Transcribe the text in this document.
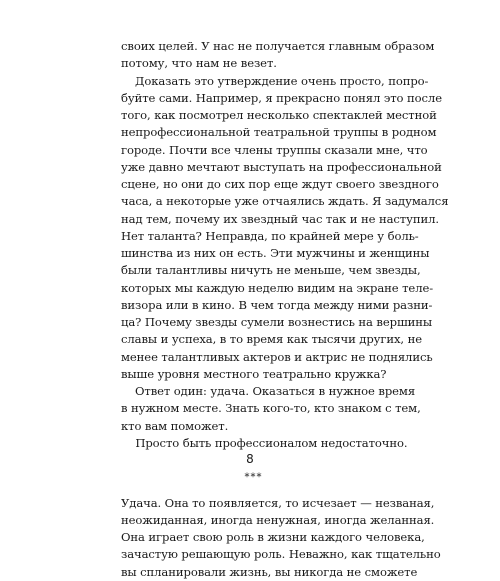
своих целей. У нас не получается главным образом
потому, что нам не везет.
Доказать это утверждение очень просто, попро-
буйте сами. Например, я прекрасно понял это после
того, как посмотрел несколько спектаклей местной
непрофессиональной театральной труппы в родном
городе. Почти все члены труппы сказали мне, что
уже давно мечтают выступать на профессиональной
сцене, но они до сих пор еще ждут своего звездного
часа, а некоторые уже отчаялись ждать. Я задумался
над тем, почему их звездный час так и не наступил.
Нет таланта? Неправда, по крайней мере у боль-
шинства из них он есть. Эти мужчины и женщины
были талантливы ничуть не меньше, чем звезды,
которых мы каждую неделю видим на экране теле-
визора или в кино. В чем тогда между ними разни-
ца? Почему звезды сумели вознестись на вершины
славы и успеха, в то время как тысячи других, не
менее талантливых актеров и актрис не поднялись
выше уровня местного театрально кружка?
Ответ один: удача. Оказаться в нужное время
в нужном месте. Знать кого-то, кто знаком с тем,
кто вам поможет.
Просто быть профессионалом недостаточно.
***
Удача. Она то появляется, то исчезает — незваная,
неожиданная, иногда ненужная, иногда желанная.
Она играет свою роль в жизни каждого человека,
зачастую решающую роль. Неважно, как тщательно
вы спланировали жизнь, вы никогда не сможете
8
